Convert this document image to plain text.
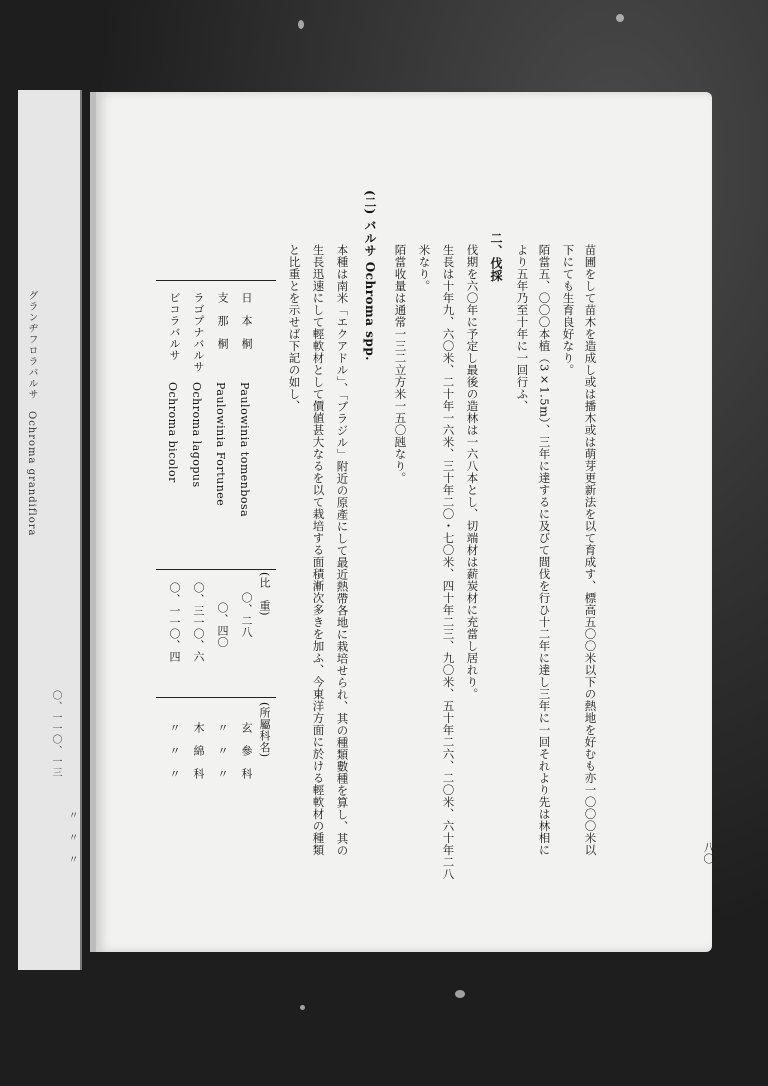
グランヂフロラバルサ　Ochroma grandiflora
〇、一一〇、一三
〃　〃　〃	八〇
苗圃をして苗木を造成し或は播木或は萌芽更新法を以て育成す、標高五〇〇米以下の熱地を好むも亦一〇〇〇米以
下にても生育良好なり。
陌當五、〇〇〇本植（3×1.5m）、三年に達するに及びて間伐を行ひ十二年に達し三年に一回それより先は林相に
より五年乃至十年に一回行ふ、
二、伐採
伐期を六〇年に予定し最後の造林は一六八本とし、切端材は薪炭材に充當し居れり。
生長は十年九、六〇米、二十年一六米、三十年二〇・七〇米、四十年二三、九〇米、五十年二六、二〇米、六十年二八
米なり。
陌當收量は通常一三二立方米一五〇瓲なり。
(二) バルサ Ochroma spp.
本種は南米「エクアドル」、「ブラジル」附近の原產にして最近熱帶各地に栽培せられ、其の種類數種を算し、其の
生長迅速にして輕軟材として價値甚大なるを以て栽培する面積漸次多きを加ふ、今東洋方面に於ける輕軟材の種類
と比重とを示せば下記の如し、
(比　重)
(所屬科名)
日　本　桐
Paulowinia tomenbosa
〇、二八
玄　參　科
支　那　桐
Paulowinia Fortunee
〇、四〇
〃　〃　〃
ラゴプナバルサ
Ochroma lagopus
〇、三一〇、六
木　綿　科
ビコラバルサ
Ochroma bicolor
〇、一一〇、四
〃　〃　〃
